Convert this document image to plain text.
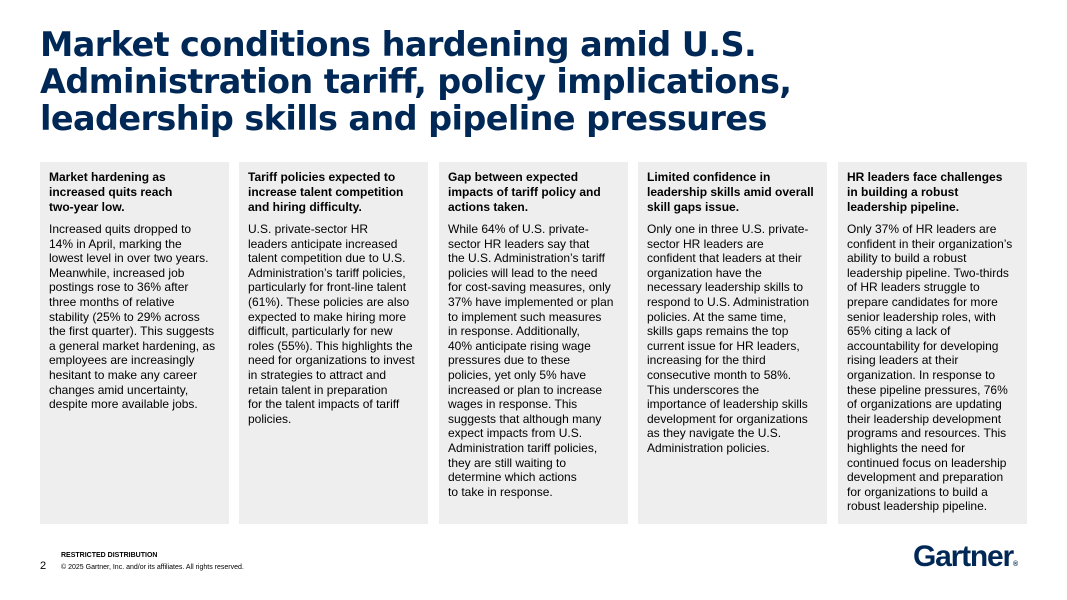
Market conditions hardening amid U.S.
Administration tariff, policy implications,
leadership skills and pipeline pressures

Market hardening as
increased quits reach
two-year low.

Increased quits dropped to
14% in April, marking the
lowest level in over two years.
Meanwhile, increased job
postings rose to 36% after
three months of relative
stability (25% to 29% across
the first quarter). This suggests
a general market hardening, as
employees are increasingly
hesitant to make any career
changes amid uncertainty,
despite more available jobs.

Tariff policies expected to
increase talent competition
and hiring difficulty.

U.S. private-sector HR
leaders anticipate increased
talent competition due to U.S.
Administration’s tariff policies,
particularly for front-line talent
(61%). These policies are also
expected to make hiring more
difficult, particularly for new
roles (55%). This highlights the
need for organizations to invest
in strategies to attract and
retain talent in preparation
for the talent impacts of tariff
policies.

Gap between expected
impacts of tariff policy and
actions taken.

While 64% of U.S. private-
sector HR leaders say that
the U.S. Administration’s tariff
policies will lead to the need
for cost-saving measures, only
37% have implemented or plan
to implement such measures
in response. Additionally,
40% anticipate rising wage
pressures due to these
policies, yet only 5% have
increased or plan to increase
wages in response. This
suggests that although many
expect impacts from U.S.
Administration tariff policies,
they are still waiting to
determine which actions
to take in response.

Limited confidence in
leadership skills amid overall
skill gaps issue.

Only one in three U.S. private-
sector HR leaders are
confident that leaders at their
organization have the
necessary leadership skills to
respond to U.S. Administration
policies. At the same time,
skills gaps remains the top
current issue for HR leaders,
increasing for the third
consecutive month to 58%.
This underscores the
importance of leadership skills
development for organizations
as they navigate the U.S.
Administration policies.

HR leaders face challenges
in building a robust
leadership pipeline.

Only 37% of HR leaders are
confident in their organization’s
ability to build a robust
leadership pipeline. Two-thirds
of HR leaders struggle to
prepare candidates for more
senior leadership roles, with
65% citing a lack of
accountability for developing
rising leaders at their
organization. In response to
these pipeline pressures, 76%
of organizations are updating
their leadership development
programs and resources. This
highlights the need for
continued focus on leadership
development and preparation
for organizations to build a
robust leadership pipeline.

2
RESTRICTED DISTRIBUTION
© 2025 Gartner, Inc. and/or its affiliates. All rights reserved.	Gartner®
